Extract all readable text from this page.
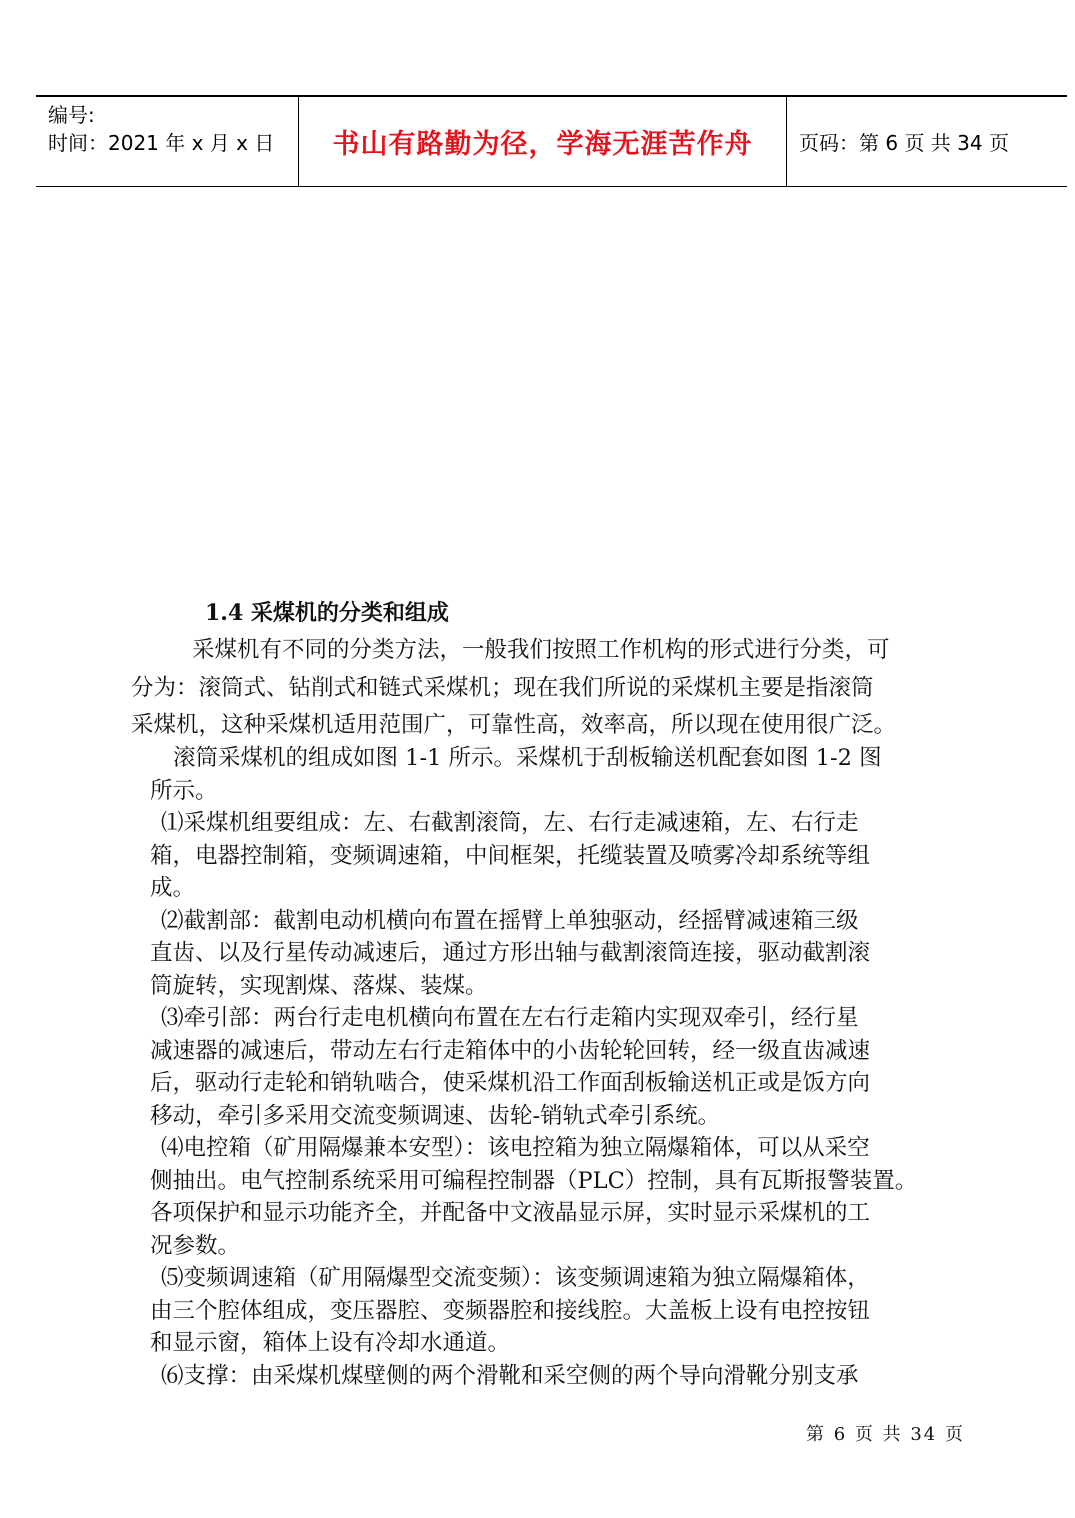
编号:
时间：2021 年 x 月 x 日 书山有路勤为径，学海无涯苦作舟 页码：第 6 页 共 34 页
1.4 采煤机的分类和组成
采煤机有不同的分类方法，一般我们按照工作机构的形式进行分类，可
分为：滚筒式、钻削式和链式采煤机；现在我们所说的采煤机主要是指滚筒
采煤机，这种采煤机适用范围广，可靠性高，效率高，所以现在使用很广泛。
滚筒采煤机的组成如图 1-1 所示。采煤机于刮板输送机配套如图 1-2 图
所示。
⑴采煤机组要组成：左、右截割滚筒，左、右行走减速箱，左、右行走
箱，电器控制箱，变频调速箱，中间框架，托缆装置及喷雾冷却系统等组
成。
⑵截割部：截割电动机横向布置在摇臂上单独驱动，经摇臂减速箱三级
直齿、以及行星传动减速后，通过方形出轴与截割滚筒连接，驱动截割滚
筒旋转，实现割煤、落煤、装煤。
⑶牵引部：两台行走电机横向布置在左右行走箱内实现双牵引，经行星
减速器的减速后，带动左右行走箱体中的小齿轮轮回转，经一级直齿减速
后，驱动行走轮和销轨啮合，使采煤机沿工作面刮板输送机正或是饭方向
移动，牵引多采用交流变频调速、齿轮-销轨式牵引系统。
⑷电控箱（矿用隔爆兼本安型）：该电控箱为独立隔爆箱体，可以从采空
侧抽出。电气控制系统采用可编程控制器（PLC）控制，具有瓦斯报警装置。
各项保护和显示功能齐全，并配备中文液晶显示屏，实时显示采煤机的工
况参数。
⑸变频调速箱（矿用隔爆型交流变频）：该变频调速箱为独立隔爆箱体，
由三个腔体组成，变压器腔、变频器腔和接线腔。大盖板上设有电控按钮
和显示窗，箱体上设有冷却水通道。
⑹支撑：由采煤机煤壁侧的两个滑靴和采空侧的两个导向滑靴分别支承
第 6 页 共 34 页
